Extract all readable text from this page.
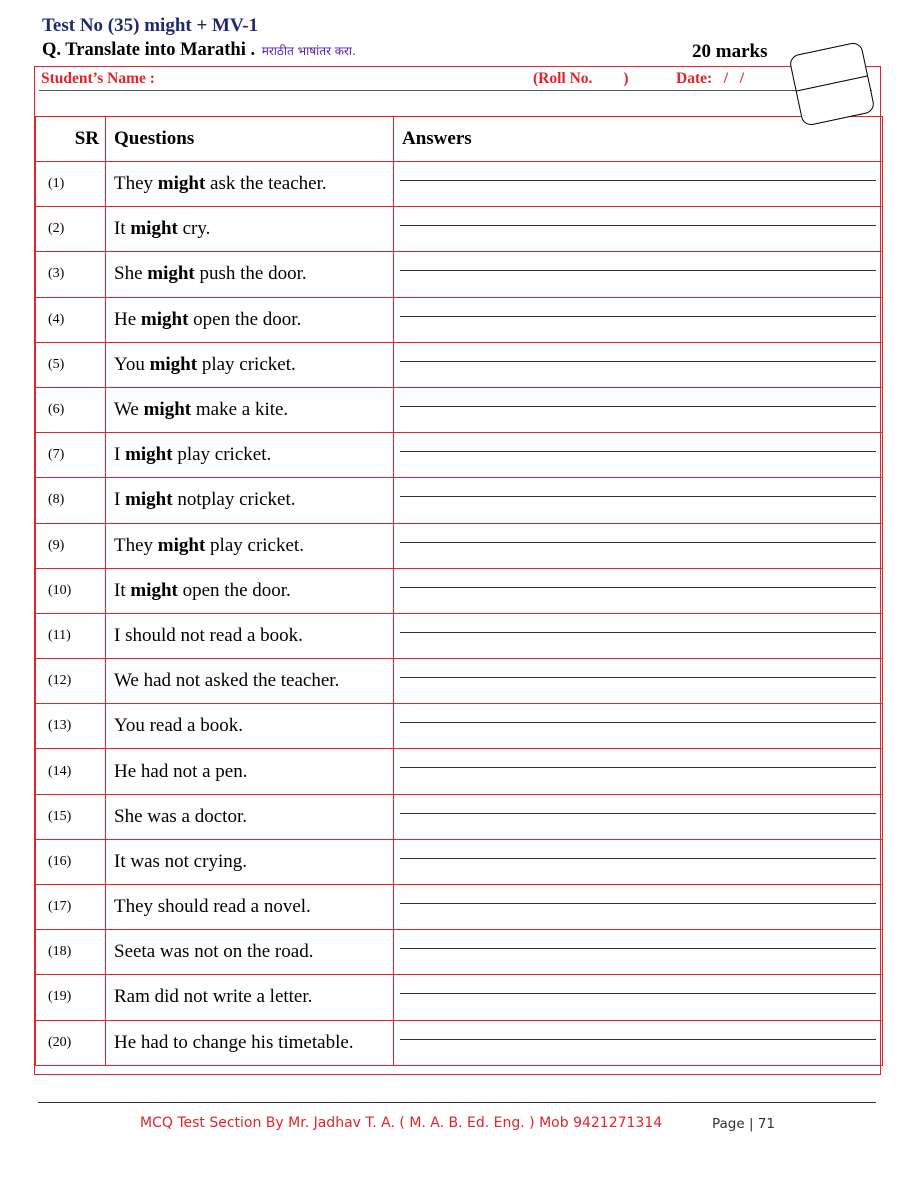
Test No (35) might + MV-1
Q. Translate into Marathi . मराठीत भाषांतर करा.	20 marks
Student’s Name :	(Roll No.        )	Date:   /   /
SR	Questions	Answers
(1)	They might ask the teacher.	

(2)	It might cry.	

(3)	She might push the door.	

(4)	He might open the door.	

(5)	You might play cricket.	

(6)	We might make a kite.	

(7)	I might play cricket.	

(8)	I might notplay cricket.	

(9)	They might play cricket.	

(10)	It might open the door.	

(11)	I should not read a book.	

(12)	We had not asked the teacher.	

(13)	You read a book.	

(14)	He had not a pen.	

(15)	She was a doctor.	

(16)	It was not crying.	

(17)	They should read a novel.	

(18)	Seeta was not on the road.	

(19)	Ram did not write a letter.	

(20)	He had to change his timetable.	
MCQ Test Section By Mr. Jadhav T. A. ( M. A. B. Ed. Eng. ) Mob 9421271314	Page | 71
